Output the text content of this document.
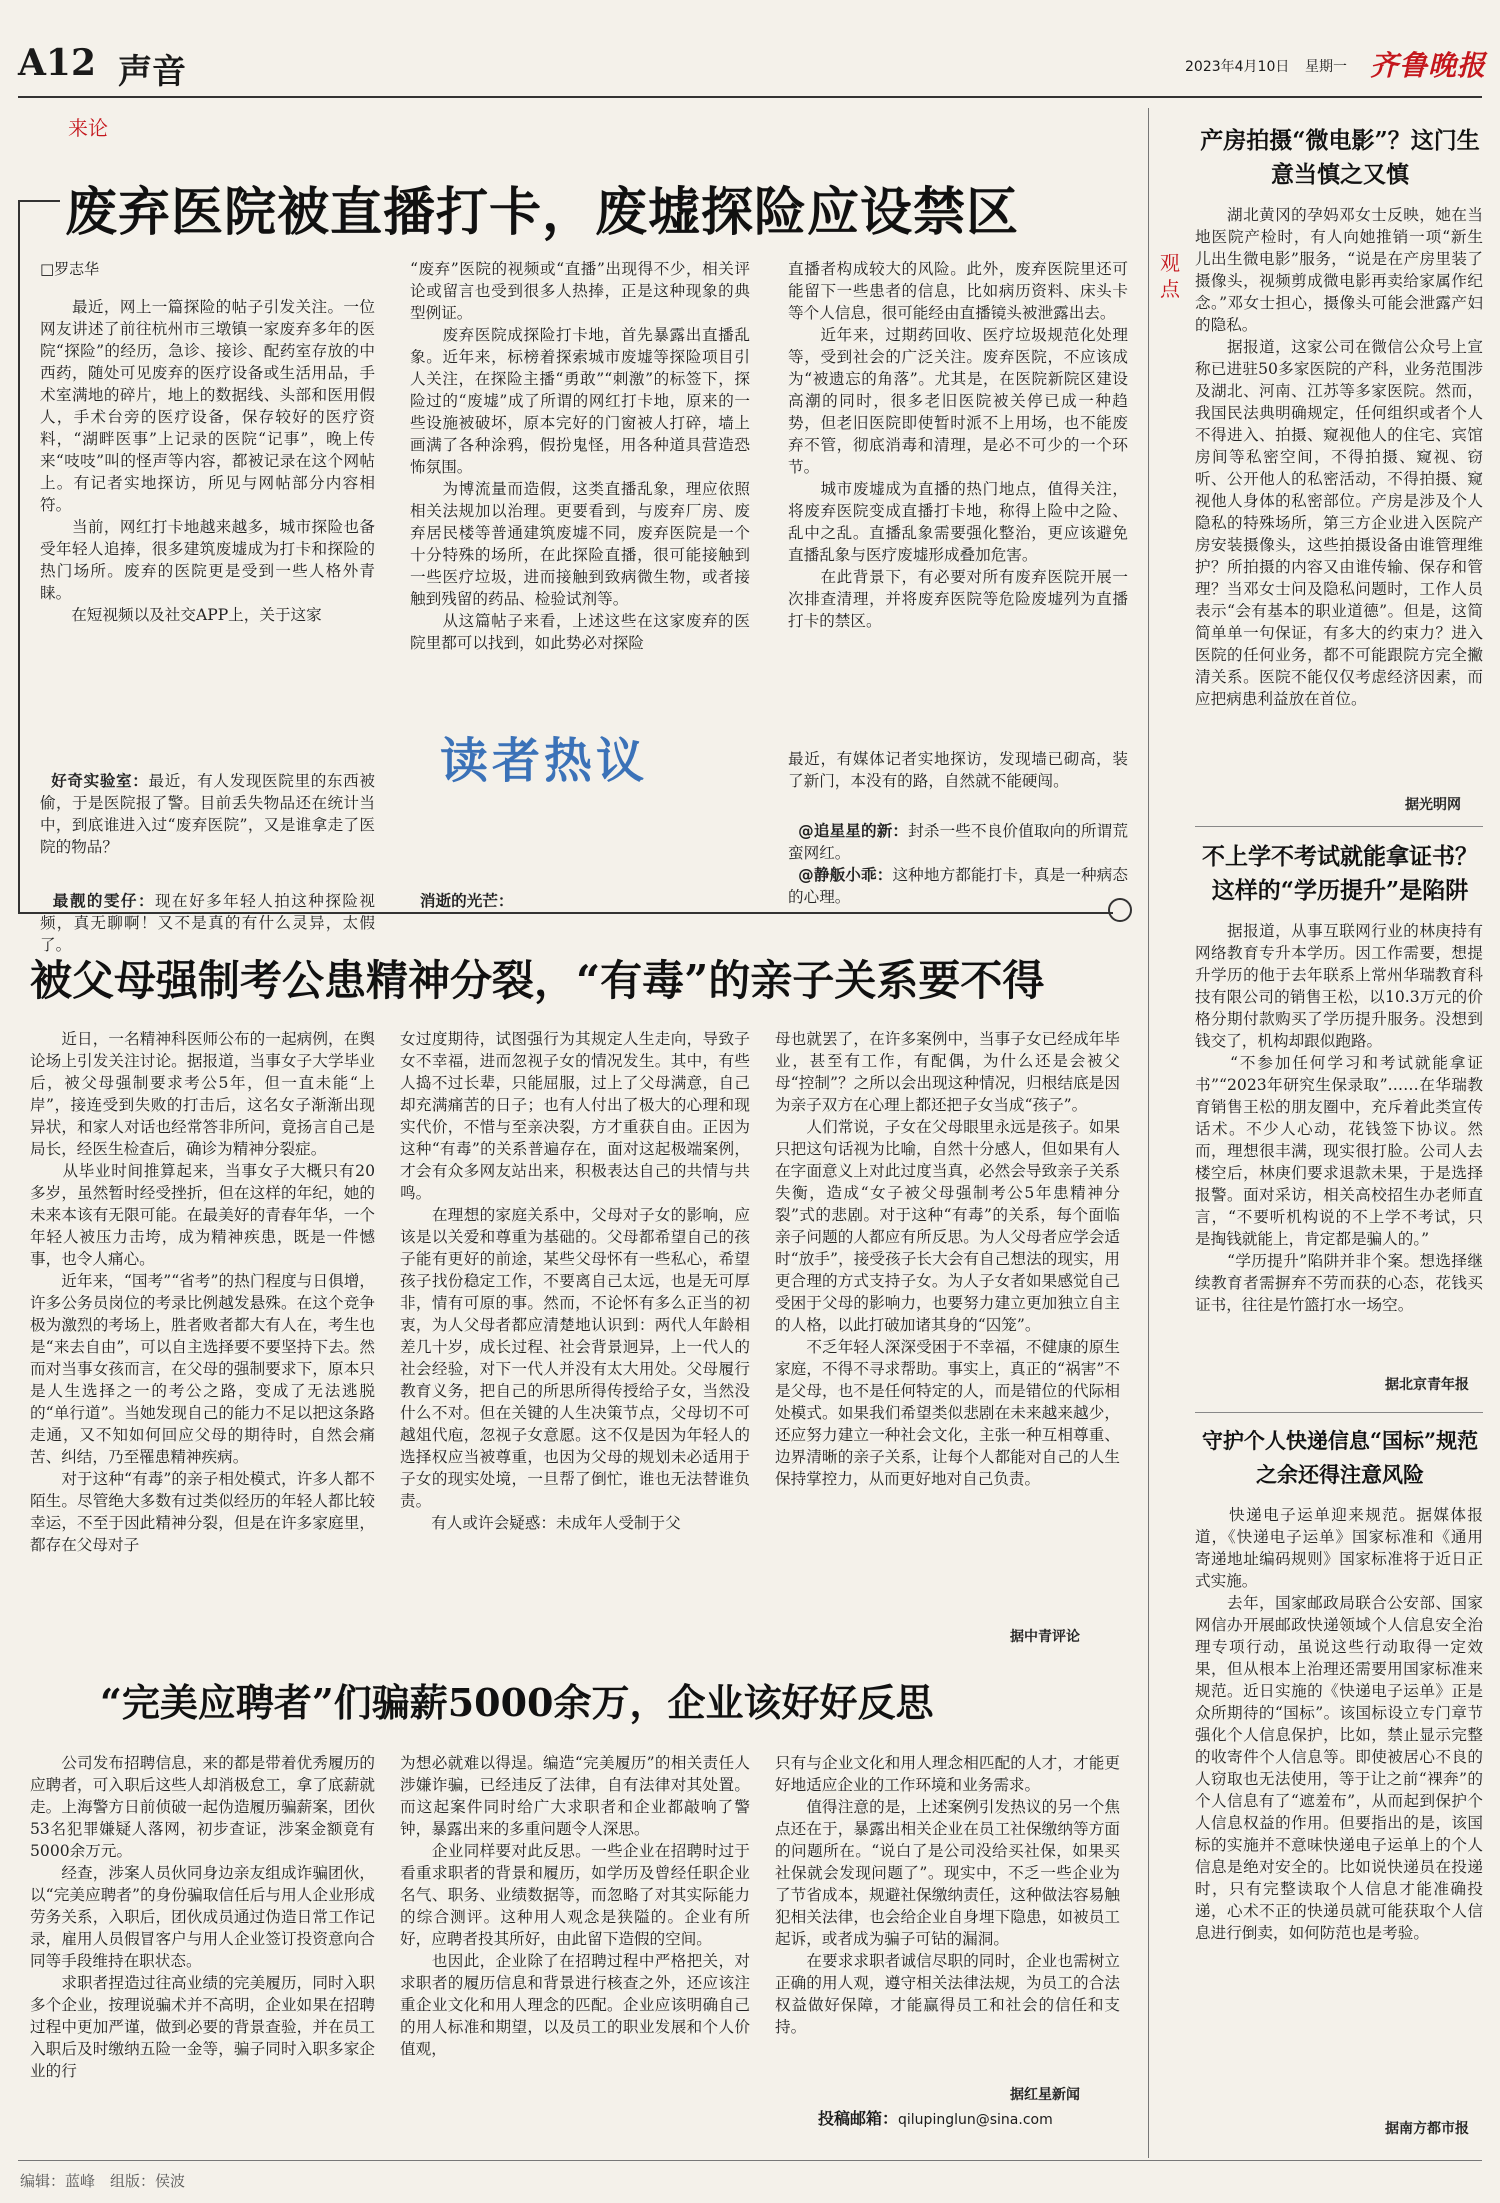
A12 声音	2023年4月10日 星期一 齐鲁晚报
来论
废弃医院被直播打卡，废墟探险应设禁区
□罗志华
　　最近，网上一篇探险的帖子引发关注。一位网友讲述了前往杭州市三墩镇一家废弃多年的医院“探险”的经历，急诊、接诊、配药室存放的中西药，随处可见废弃的医疗设备或生活用品，手术室满地的碎片，地上的数据线、头部和医用假人，手术台旁的医疗设备，保存较好的医疗资料，“湖畔医事”上记录的医院“记事”，晚上传来“吱吱”叫的怪声等内容，都被记录在这个网帖上。有记者实地探访，所见与网帖部分内容相符。
　　当前，网红打卡地越来越多，城市探险也备受年轻人追捧，很多建筑废墟成为打卡和探险的热门场所。废弃的医院更是受到一些人格外青睐。
　　在短视频以及社交APP上，关于这家
“废弃”医院的视频或“直播”出现得不少，相关评论或留言也受到很多人热捧，正是这种现象的典型例证。
　　废弃医院成探险打卡地，首先暴露出直播乱象。近年来，标榜着探索城市废墟等探险项目引人关注，在探险主播“勇敢”“刺激”的标签下，探险过的“废墟”成了所谓的网红打卡地，原来的一些设施被破坏，原本完好的门窗被人打碎，墙上画满了各种涂鸦，假扮鬼怪，用各种道具营造恐怖氛围。
　　为博流量而造假，这类直播乱象，理应依照相关法规加以治理。更要看到，与废弃厂房、废弃居民楼等普通建筑废墟不同，废弃医院是一个十分特殊的场所，在此探险直播，很可能接触到一些医疗垃圾，进而接触到致病微生物，或者接触到残留的药品、检验试剂等。
　　从这篇帖子来看，上述这些在这家废弃的医院里都可以找到，如此势必对探险
直播者构成较大的风险。此外，废弃医院里还可能留下一些患者的信息，比如病历资料、床头卡等个人信息，很可能经由直播镜头被泄露出去。
　　近年来，过期药回收、医疗垃圾规范化处理等，受到社会的广泛关注。废弃医院，不应该成为“被遗忘的角落”。尤其是，在医院新院区建设高潮的同时，很多老旧医院被关停已成一种趋势，但老旧医院即使暂时派不上用场，也不能废弃不管，彻底消毒和清理，是必不可少的一个环节。
　　城市废墟成为直播的热门地点，值得关注，将废弃医院变成直播打卡地，称得上险中之险、乱中之乱。直播乱象需要强化整治，更应该避免直播乱象与医疗废墟形成叠加危害。
　　在此背景下，有必要对所有废弃医院开展一次排查清理，并将废弃医院等危险废墟列为直播打卡的禁区。
读者热议

好奇实验室：最近，有人发现医院里的东西被偷，于是医院报了警。目前丢失物品还在统计当中，到底谁进入过“废弃医院”，又是谁拿走了医院的物品？

最靓的雯仔：现在好多年轻人拍这种探险视频，真无聊啊！又不是真的有什么灵异，太假了。

消逝的光芒：

最近，有媒体记者实地探访，发现墙已砌高，装了新门，本没有的路，自然就不能硬闯。

@追星星的新：封杀一些不良价值取向的所谓荒蛮网红。

@静舨小乖：这种地方都能打卡，真是一种病态的心理。

被父母强制考公患精神分裂，“有毒”的亲子关系要不得
　　近日，一名精神科医师公布的一起病例，在舆论场上引发关注讨论。据报道，当事女子大学毕业后，被父母强制要求考公5年，但一直未能“上岸”，接连受到失败的打击后，这名女子渐渐出现异状，和家人对话也经常答非所问，竟扬言自己是局长，经医生检查后，确诊为精神分裂症。
　　从毕业时间推算起来，当事女子大概只有20多岁，虽然暂时经受挫折，但在这样的年纪，她的未来本该有无限可能。在最美好的青春年华，一个年轻人被压力击垮，成为精神疾患，既是一件憾事，也令人痛心。
　　近年来，“国考”“省考”的热门程度与日俱增，许多公务员岗位的考录比例越发悬殊。在这个竞争极为激烈的考场上，胜者败者都大有人在，考生也是“来去自由”，可以自主选择要不要坚持下去。然而对当事女孩而言，在父母的强制要求下，原本只是人生选择之一的考公之路，变成了无法逃脱的“单行道”。当她发现自己的能力不足以把这条路走通，又不知如何回应父母的期待时，自然会痛苦、纠结，乃至罹患精神疾病。
　　对于这种“有毒”的亲子相处模式，许多人都不陌生。尽管绝大多数有过类似经历的年轻人都比较幸运，不至于因此精神分裂，但是在许多家庭里，都存在父母对子
女过度期待，试图强行为其规定人生走向，导致子女不幸福，进而忽视子女的情况发生。其中，有些人捣不过长辈，只能屈服，过上了父母满意，自己却充满痛苦的日子；也有人付出了极大的心理和现实代价，不惜与至亲决裂，方才重获自由。正因为这种“有毒”的关系普遍存在，面对这起极端案例，才会有众多网友站出来，积极表达自己的共情与共鸣。
　　在理想的家庭关系中，父母对子女的影响，应该是以关爱和尊重为基础的。父母都希望自己的孩子能有更好的前途，某些父母怀有一些私心，希望孩子找份稳定工作，不要离自己太远，也是无可厚非，情有可原的事。然而，不论怀有多么正当的初衷，为人父母者都应清楚地认识到：两代人年龄相差几十岁，成长过程、社会背景迥异，上一代人的社会经验，对下一代人并没有太大用处。父母履行教育义务，把自己的所思所得传授给子女，当然没什么不对。但在关键的人生决策节点，父母切不可越俎代庖，忽视子女意愿。这不仅是因为年轻人的选择权应当被尊重，也因为父母的规划未必适用于子女的现实处境，一旦帮了倒忙，谁也无法替谁负责。
　　有人或许会疑惑：未成年人受制于父
母也就罢了，在许多案例中，当事子女已经成年毕业，甚至有工作，有配偶，为什么还是会被父母“控制”？之所以会出现这种情况，归根结底是因为亲子双方在心理上都还把子女当成“孩子”。
　　人们常说，子女在父母眼里永远是孩子。如果只把这句话视为比喻，自然十分感人，但如果有人在字面意义上对此过度当真，必然会导致亲子关系失衡，造成“女子被父母强制考公5年患精神分裂”式的悲剧。对于这种“有毒”的关系，每个面临亲子问题的人都应有所反思。为人父母者应学会适时“放手”，接受孩子长大会有自己想法的现实，用更合理的方式支持子女。为人子女者如果感觉自己受困于父母的影响力，也要努力建立更加独立自主的人格，以此打破加诸其身的“囚笼”。
　　不乏年轻人深深受困于不幸福，不健康的原生家庭，不得不寻求帮助。事实上，真正的“祸害”不是父母，也不是任何特定的人，而是错位的代际相处模式。如果我们希望类似悲剧在未来越来越少，还应努力建立一种社会文化，主张一种互相尊重、边界清晰的亲子关系，让每个人都能对自己的人生保持掌控力，从而更好地对自己负责。
据中青评论
“完美应聘者”们骗薪5000余万，企业该好好反思
　　公司发布招聘信息，来的都是带着优秀履历的应聘者，可入职后这些人却消极怠工，拿了底薪就走。上海警方日前侦破一起伪造履历骗薪案，团伙53名犯罪嫌疑人落网，初步查证，涉案金额竟有5000余万元。
　　经查，涉案人员伙同身边亲友组成诈骗团伙，以“完美应聘者”的身份骗取信任后与用人企业形成劳务关系，入职后，团伙成员通过伪造日常工作记录，雇用人员假冒客户与用人企业签订投资意向合同等手段维持在职状态。
　　求职者捏造过往高业绩的完美履历，同时入职多个企业，按理说骗术并不高明，企业如果在招聘过程中更加严谨，做到必要的背景查验，并在员工入职后及时缴纳五险一金等，骗子同时入职多家企业的行
为想必就难以得逞。编造“完美履历”的相关责任人涉嫌诈骗，已经违反了法律，自有法律对其处置。而这起案件同时给广大求职者和企业都敲响了警钟，暴露出来的多重问题令人深思。
　　企业同样要对此反思。一些企业在招聘时过于看重求职者的背景和履历，如学历及曾经任职企业名气、职务、业绩数据等，而忽略了对其实际能力的综合测评。这种用人观念是狭隘的。企业有所好，应聘者投其所好，由此留下造假的空间。
　　也因此，企业除了在招聘过程中严格把关，对求职者的履历信息和背景进行核查之外，还应该注重企业文化和用人理念的匹配。企业应该明确自己的用人标准和期望，以及员工的职业发展和个人价值观，
只有与企业文化和用人理念相匹配的人才，才能更好地适应企业的工作环境和业务需求。
　　值得注意的是，上述案例引发热议的另一个焦点还在于，暴露出相关企业在员工社保缴纳等方面的问题所在。“说白了是公司没给买社保，如果买社保就会发现问题了”。现实中，不乏一些企业为了节省成本，规避社保缴纳责任，这种做法容易触犯相关法律，也会给企业自身埋下隐患，如被员工起诉，或者成为骗子可钻的漏洞。
　　在要求求职者诚信尽职的同时，企业也需树立正确的用人观，遵守相关法律法规，为员工的合法权益做好保障，才能赢得员工和社会的信任和支持。
据红星新闻
投稿邮箱：qilupinglun@sina.com
观点
产房拍摄“微电影”？这门生意当慎之又慎
　　湖北黄冈的孕妈邓女士反映，她在当地医院产检时，有人向她推销一项“新生儿出生微电影”服务，“说是在产房里装了摄像头，视频剪成微电影再卖给家属作纪念。”邓女士担心，摄像头可能会泄露产妇的隐私。
　　据报道，这家公司在微信公众号上宣称已进驻50多家医院的产科，业务范围涉及湖北、河南、江苏等多家医院。然而，我国民法典明确规定，任何组织或者个人不得进入、拍摄、窥视他人的住宅、宾馆房间等私密空间，不得拍摄、窥视、窃听、公开他人的私密活动，不得拍摄、窥视他人身体的私密部位。产房是涉及个人隐私的特殊场所，第三方企业进入医院产房安装摄像头，这些拍摄设备由谁管理维护？所拍摄的内容又由谁传输、保存和管理？当邓女士问及隐私问题时，工作人员表示“会有基本的职业道德”。但是，这简简单单一句保证，有多大的约束力？进入医院的任何业务，都不可能跟院方完全撇清关系。医院不能仅仅考虑经济因素，而应把病患利益放在首位。
据光明网
不上学不考试就能拿证书？这样的“学历提升”是陷阱
　　据报道，从事互联网行业的林庚持有网络教育专升本学历。因工作需要，想提升学历的他于去年联系上常州华瑞教育科技有限公司的销售王松，以10.3万元的价格分期付款购买了学历提升服务。没想到钱交了，机构却跟似跑路。
　　“不参加任何学习和考试就能拿证书”“2023年研究生保录取”……在华瑞教育销售王松的朋友圈中，充斥着此类宣传话术。不少人心动，花钱签下协议。然而，理想很丰满，现实很打脸。公司人去楼空后，林庚们要求退款未果，于是选择报警。面对采访，相关高校招生办老师直言，“不要听机构说的不上学不考试，只是掏钱就能上，肯定都是骗人的。”
　　“学历提升”陷阱并非个案。想选择继续教育者需摒弃不劳而获的心态，花钱买证书，往往是竹篮打水一场空。
据北京青年报
守护个人快递信息“国标”规范之余还得注意风险
　　快递电子运单迎来规范。据媒体报道，《快递电子运单》国家标准和《通用寄递地址编码规则》国家标准将于近日正式实施。
　　去年，国家邮政局联合公安部、国家网信办开展邮政快递领域个人信息安全治理专项行动，虽说这些行动取得一定效果，但从根本上治理还需要用国家标准来规范。近日实施的《快递电子运单》正是众所期待的“国标”。该国标设立专门章节强化个人信息保护，比如，禁止显示完整的收寄件个人信息等。即使被居心不良的人窃取也无法使用，等于让之前“裸奔”的个人信息有了“遮羞布”，从而起到保护个人信息权益的作用。但要指出的是，该国标的实施并不意味快递电子运单上的个人信息是绝对安全的。比如说快递员在投递时，只有完整读取个人信息才能准确投递，心术不正的快递员就可能获取个人信息进行倒卖，如何防范也是考验。
据南方都市报
编辑：蓝峰 组版：侯波
